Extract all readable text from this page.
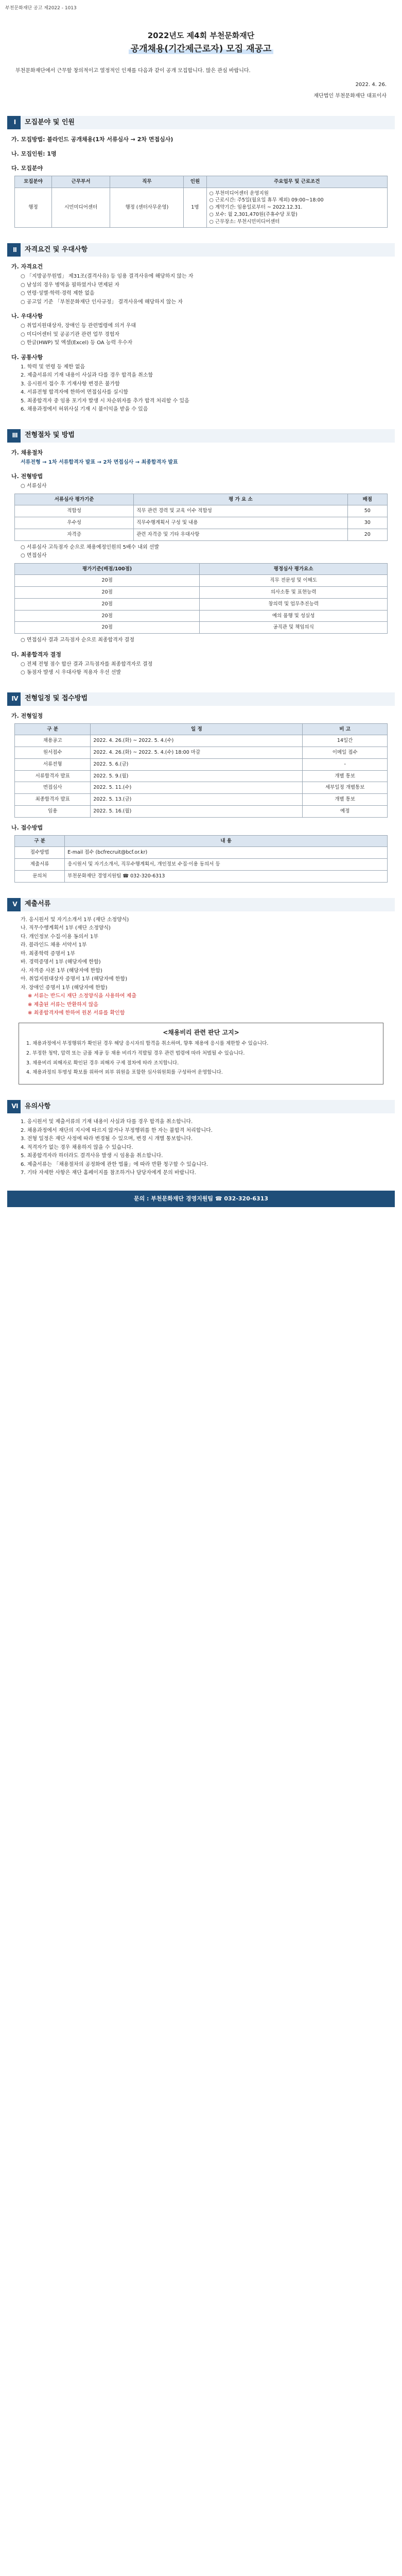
부천문화재단 공고 제2022 - 1013
2022년도 제4회 부천문화재단
공개채용(기간제근로자) 모집 재공고
부천문화재단에서 근무할 창의적이고 열정적인 인재를 다음과 같이 공개 모집합니다. 많은 관심 바랍니다.
2022. 4. 26.
재단법인 부천문화재단 대표이사
Ⅰ	모집분야 및 인원
가. 모집방법: 블라인드 공개채용(1차 서류심사 → 2차 면접심사)
나. 모집인원: 1명
다. 모집분야
모집분야	근무부서	직무	인원	주요업무 및 근로조건
행정	시민미디어센터	행정 (센터사무운영)	1명	○ 부천미디어센터 운영지원
○ 근로시간: 주5일(월요일 휴무 제외) 09:00~18:00
○ 계약기간: 임용일로부터 ~ 2022.12.31.
○ 보수: 월 2,301,470원(주휴수당 포함)
○ 근무장소: 부천시민미디어센터
Ⅱ	자격요건 및 우대사항
가. 자격요건
○ 「지방공무원법」 제31조(결격사유) 등 임용 결격사유에 해당하지 않는 자
○ 남성의 경우 병역을 필하였거나 면제된 자
○ 연령·성별·학력·경력 제한 없음
○ 공고일 기준 「부천문화재단 인사규정」 결격사유에 해당하지 않는 자
나. 우대사항
○ 취업지원대상자, 장애인 등 관련법령에 의거 우대
○ 미디어센터 및 공공기관 관련 업무 경험자
○ 한글(HWP) 및 엑셀(Excel) 등 OA 능력 우수자
다. 공통사항
1. 학력 및 연령 등 제한 없음
2. 제출서류의 기재 내용이 사실과 다를 경우 합격을 취소함
3. 응시원서 접수 후 기재사항 변경은 불가함
4. 서류전형 합격자에 한하여 면접심사를 실시함
5. 최종합격자 중 임용 포기자 발생 시 차순위자를 추가 합격 처리할 수 있음
6. 채용과정에서 허위사실 기재 시 불이익을 받을 수 있음
Ⅲ	전형절차 및 방법
가. 채용절차
서류전형 → 1차 서류합격자 발표 → 2차 면접심사 → 최종합격자 발표
나. 전형방법
○ 서류심사
서류심사 평가기준	평 가 요 소	배점
적합성	직무 관련 경력 및 교육 이수 적합성	50
우수성	직무수행계획서 구성 및 내용	30
자격증	관련 자격증 및 기타 우대사항	20
○ 서류심사 고득점자 순으로 채용예정인원의 5배수 내외 선발
○ 면접심사
평가기준(배점/100점)	평정심사 평가요소
20점	직무 전문성 및 이해도
20점	의사소통 및 표현능력
20점	창의력 및 업무추진능력
20점	예의 품행 및 성실성
20점	공직관 및 책임의식
○ 면접심사 결과 고득점자 순으로 최종합격자 결정
다. 최종합격자 결정
○ 전체 전형 점수 합산 결과 고득점자를 최종합격자로 결정
○ 동점자 발생 시 우대사항 적용자 우선 선발
Ⅳ 전형일정 및 접수방법
가. 전형일정
구 분	일 정	비 고
채용공고	2022. 4. 26.(화) ~ 2022. 5. 4.(수)	14일간
원서접수	2022. 4. 26.(화) ~ 2022. 5. 4.(수) 18:00 마감	이메일 접수
서류전형	2022. 5. 6.(금)	-
서류합격자 발표	2022. 5. 9.(월)	개별 통보
면접심사	2022. 5. 11.(수)	세부일정 개별통보
최종합격자 발표	2022. 5. 13.(금)	개별 통보
임용	2022. 5. 16.(월)	예정
나. 접수방법
구 분	내 용
접수방법	E-mail 접수 (bcfrecruit@bcf.or.kr)
제출서류	응시원서 및 자기소개서, 직무수행계획서, 개인정보 수집·이용 동의서 등
문의처	부천문화재단 경영지원팀 ☎ 032-320-6313
Ⅴ	제출서류
가. 응시원서 및 자기소개서 1부 (재단 소정양식)
나. 직무수행계획서 1부 (재단 소정양식)
다. 개인정보 수집·이용 동의서 1부
라. 블라인드 채용 서약서 1부
마. 최종학력 증명서 1부
바. 경력증명서 1부 (해당자에 한함)
사. 자격증 사본 1부 (해당자에 한함)
아. 취업지원대상자 증명서 1부 (해당자에 한함)
자. 장애인 증명서 1부 (해당자에 한함)
※ 서류는 반드시 재단 소정양식을 사용하여 제출
※ 제출된 서류는 반환하지 않음
※ 최종합격자에 한하여 원본 서류를 확인함
<채용비리 관련 판단 고지>
1. 채용과정에서 부정행위가 확인된 경우 해당 응시자의 합격을 취소하며, 향후 채용에 응시를 제한할 수 있습니다.
2. 부정한 청탁, 압력 또는 금품 제공 등 채용 비리가 적발될 경우 관련 법령에 따라 처벌될 수 있습니다.
3. 채용비리 피해자로 확인된 경우 피해자 구제 절차에 따라 조치합니다.
4. 채용과정의 투명성 확보를 위하여 외부 위원을 포함한 심사위원회를 구성하여 운영합니다.
Ⅵ 유의사항
1. 응시원서 및 제출서류의 기재 내용이 사실과 다를 경우 합격을 취소합니다.
2. 채용과정에서 재단의 지시에 따르지 않거나 부정행위를 한 자는 불합격 처리합니다.
3. 전형 일정은 재단 사정에 따라 변경될 수 있으며, 변경 시 개별 통보합니다.
4. 적격자가 없는 경우 채용하지 않을 수 있습니다.
5. 최종합격자라 하더라도 결격사유 발생 시 임용을 취소합니다.
6. 제출서류는 「채용절차의 공정화에 관한 법률」에 따라 반환 청구할 수 있습니다.
7. 기타 자세한 사항은 재단 홈페이지를 참조하거나 담당자에게 문의 바랍니다.
문의 : 부천문화재단 경영지원팀 ☎ 032-320-6313
